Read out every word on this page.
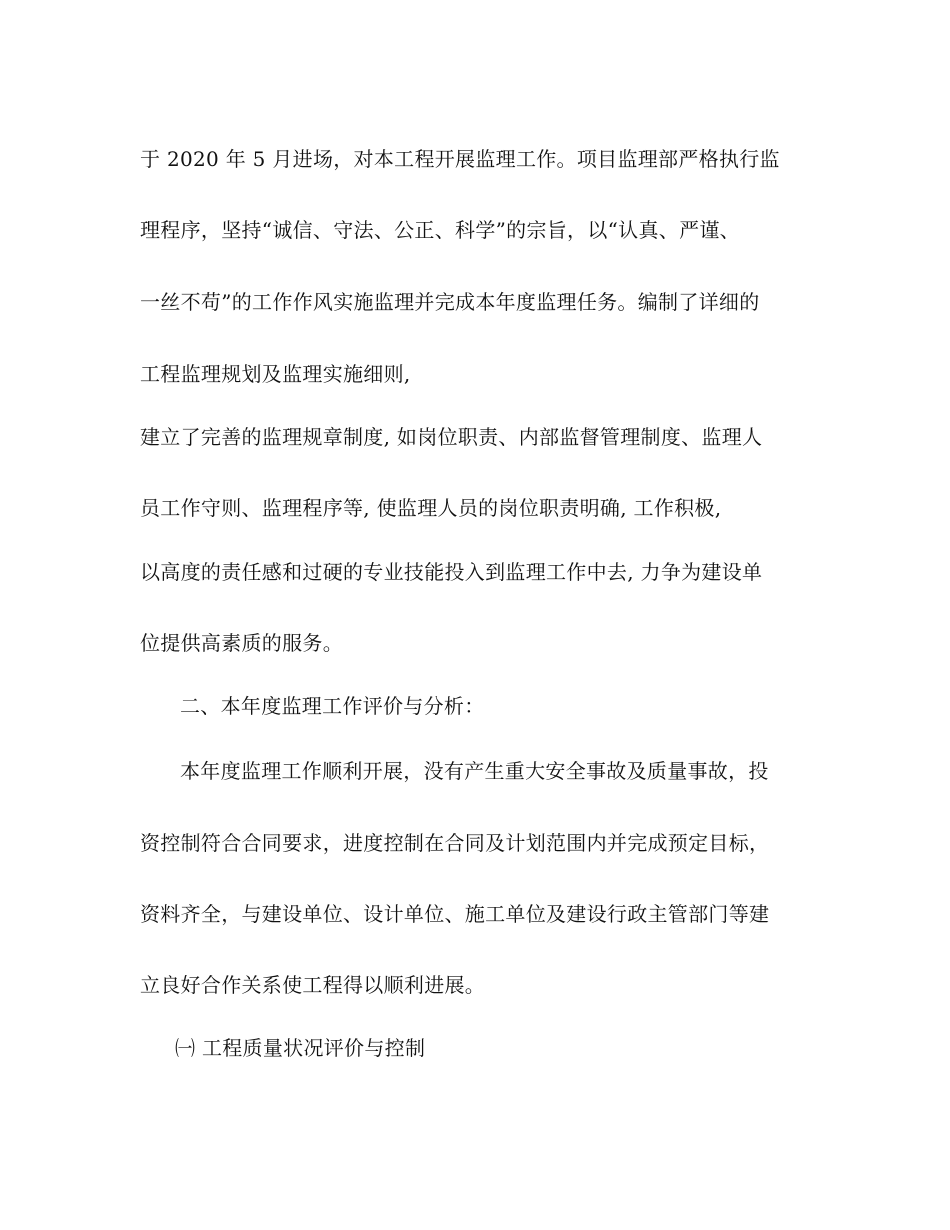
于 2020 年 5 月进场，对本工程开展监理工作。项目监理部严格执行监
理程序，坚持“诚信、守法、公正、科学”的宗旨，以“认真、严谨、
一丝不苟”的工作作风实施监理并完成本年度监理任务。编制了详细的
工程监理规划及监理实施细则,
建立了完善的监理规章制度, 如岗位职责、内部监督管理制度、监理人
员工作守则、监理程序等, 使监理人员的岗位职责明确, 工作积极,
以高度的责任感和过硬的专业技能投入到监理工作中去, 力争为建设单
位提供高素质的服务。
二、本年度监理工作评价与分析：
本年度监理工作顺利开展，没有产生重大安全事故及质量事故，投
资控制符合合同要求，进度控制在合同及计划范围内并完成预定目标，
资料齐全，与建设单位、设计单位、施工单位及建设行政主管部门等建
立良好合作关系使工程得以顺利进展。
㈠ 工程质量状况评价与控制
